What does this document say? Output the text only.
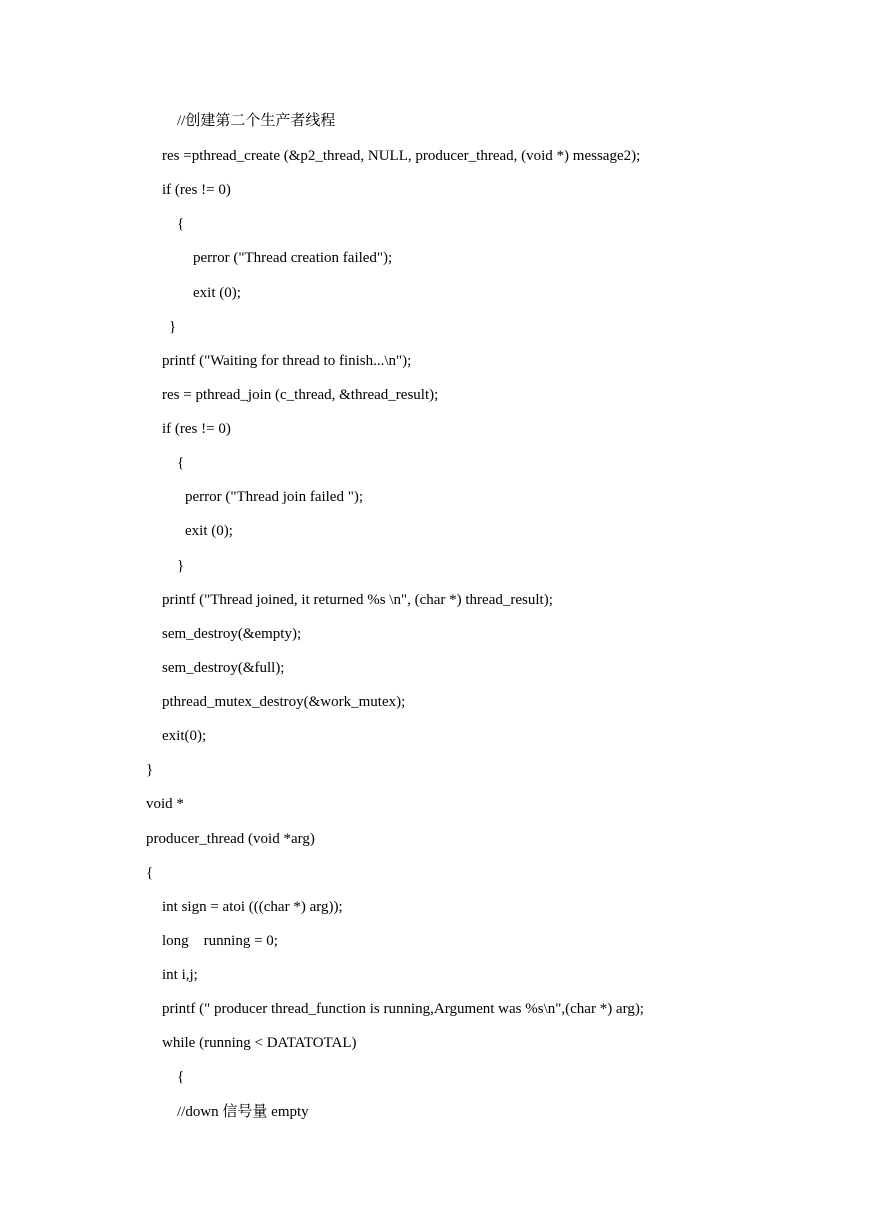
//创建第二个生产者线程
res =pthread_create (&p2_thread, NULL, producer_thread, (void *) message2);
if (res != 0)
{
perror ("Thread creation failed");
exit (0);
}
printf ("Waiting for thread to finish...\n");
res = pthread_join (c_thread, &thread_result);
if (res != 0)
{
perror ("Thread join failed ");
exit (0);
}
printf ("Thread joined, it returned %s \n", (char *) thread_result);
sem_destroy(&empty);
sem_destroy(&full);
pthread_mutex_destroy(&work_mutex);
exit(0);
}
void *
producer_thread (void *arg)
{
int sign = atoi (((char *) arg));
long    running = 0;
int i,j;
printf (" producer thread_function is running,Argument was %s\n",(char *) arg);
while (running < DATATOTAL)
{
//down 信号量 empty
